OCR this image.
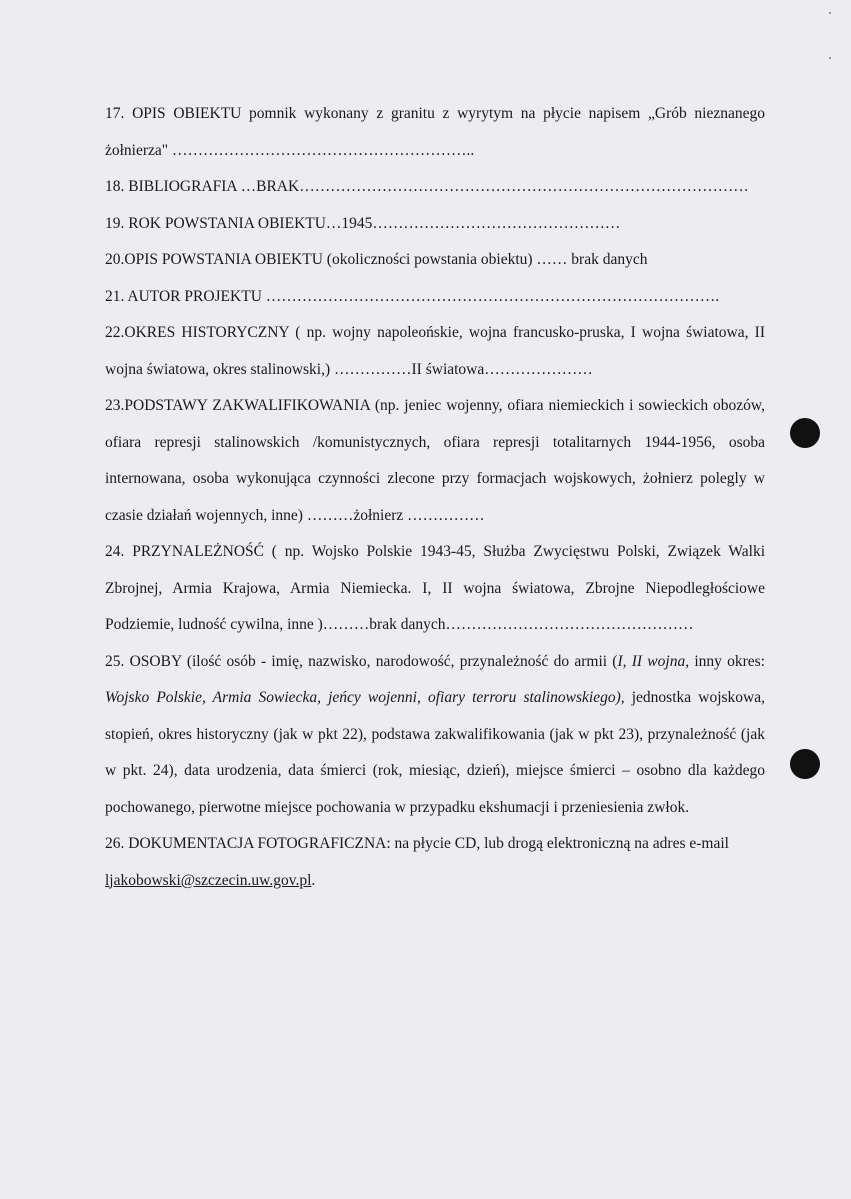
17. OPIS OBIEKTU pomnik wykonany z granitu z wyrytym na płycie napisem „Grób nieznanego żołnierza" …………………………………………………..

18. BIBLIOGRAFIA …BRAK……………………………………………………………………………

19. ROK POWSTANIA OBIEKTU…1945…………………………………………

20.OPIS POWSTANIA OBIEKTU (okoliczności powstania obiektu) …… brak danych

21. AUTOR PROJEKTU …………………………………………………………………………….

22.OKRES HISTORYCZNY ( np. wojny napoleońskie, wojna francusko-pruska, I wojna światowa, II wojna światowa, okres stalinowski,) ……………II światowa…………………

23.PODSTAWY ZAKWALIFIKOWANIA (np. jeniec wojenny, ofiara niemieckich i sowieckich obozów, ofiara represji stalinowskich /komunistycznych, ofiara represji totalitarnych 1944-1956, osoba internowana, osoba wykonująca czynności zlecone przy formacjach wojskowych, żołnierz polegly w czasie działań wojennych, inne) ………żołnierz ……………

24. PRZYNALEŻNOŚĆ ( np. Wojsko Polskie 1943-45, Służba Zwycięstwu Polski, Związek Walki Zbrojnej, Armia Krajowa, Armia Niemiecka. I, II wojna światowa, Zbrojne Niepodległościowe Podziemie, ludność cywilna, inne )………brak danych…………………………………………

25. OSOBY (ilość osób - imię, nazwisko, narodowość, przynależność do armii (I, II wojna, inny okres: Wojsko Polskie, Armia Sowiecka, jeńcy wojenni, ofiary terroru stalinowskiego), jednostka wojskowa, stopień, okres historyczny (jak w pkt 22), podstawa zakwalifikowania (jak w pkt 23), przynależność (jak w pkt. 24), data urodzenia, data śmierci (rok, miesiąc, dzień), miejsce śmierci – osobno dla każdego pochowanego, pierwotne miejsce pochowania w przypadku ekshumacji i przeniesienia zwłok.

26. DOKUMENTACJA FOTOGRAFICZNA: na płycie CD, lub drogą elektroniczną na adres e-mail

ljakobowski@szczecin.uw.gov.pl.
